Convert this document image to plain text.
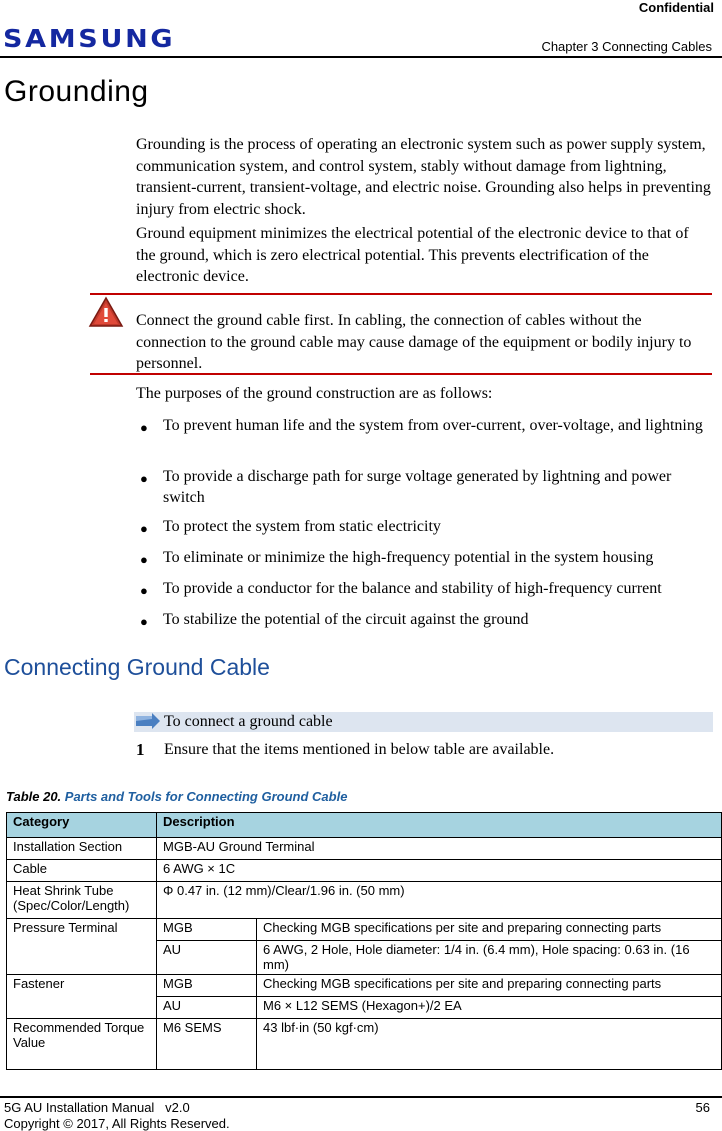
Confidential
SAMSUNG	Chapter 3 Connecting Cables
Grounding

Grounding is the process of operating an electronic system such as power supply system, communication system, and control system, stably without damage from lightning, transient-current, transient-voltage, and electric noise. Grounding also helps in preventing injury from electric shock.

Ground equipment minimizes the electrical potential of the electronic device to that of the ground, which is zero electrical potential. This prevents electrification of the electronic device.

Connect the ground cable first. In cabling, the connection of cables without the connection to the ground cable may cause damage of the equipment or bodily injury to personnel.

The purposes of the ground construction are as follows:

● To prevent human life and the system from over-current, over-voltage, and lightning
● To provide a discharge path for surge voltage generated by lightning and power switch
● To protect the system from static electricity
● To eliminate or minimize the high-frequency potential in the system housing
● To provide a conductor for the balance and stability of high-frequency current
● To stabilize the potential of the circuit against the ground
Connecting Ground Cable
To connect a ground cable
1 Ensure that the items mentioned in below table are available.
Table 20. Parts and Tools for Connecting Ground Cable
Category	Description	
Installation Section	MGB-AU Ground Terminal	
Cable	6 AWG × 1C	
Heat Shrink Tube (Spec/Color/Length)	Φ 0.47 in. (12 mm)/Clear/1.96 in. (50 mm)	
Pressure Terminal	MGB	Checking MGB specifications per site and preparing connecting parts
	AU	6 AWG, 2 Hole, Hole diameter: 1/4 in. (6.4 mm), Hole spacing: 0.63 in. (16 mm)
Fastener	MGB	Checking MGB specifications per site and preparing connecting parts
	AU	M6 × L12 SEMS (Hexagon+)/2 EA
Recommended Torque Value	M6 SEMS	43 lbf·in (50 kgf·cm)
5G AU Installation Manual   v2.0
Copyright © 2017, All Rights Reserved.
56
